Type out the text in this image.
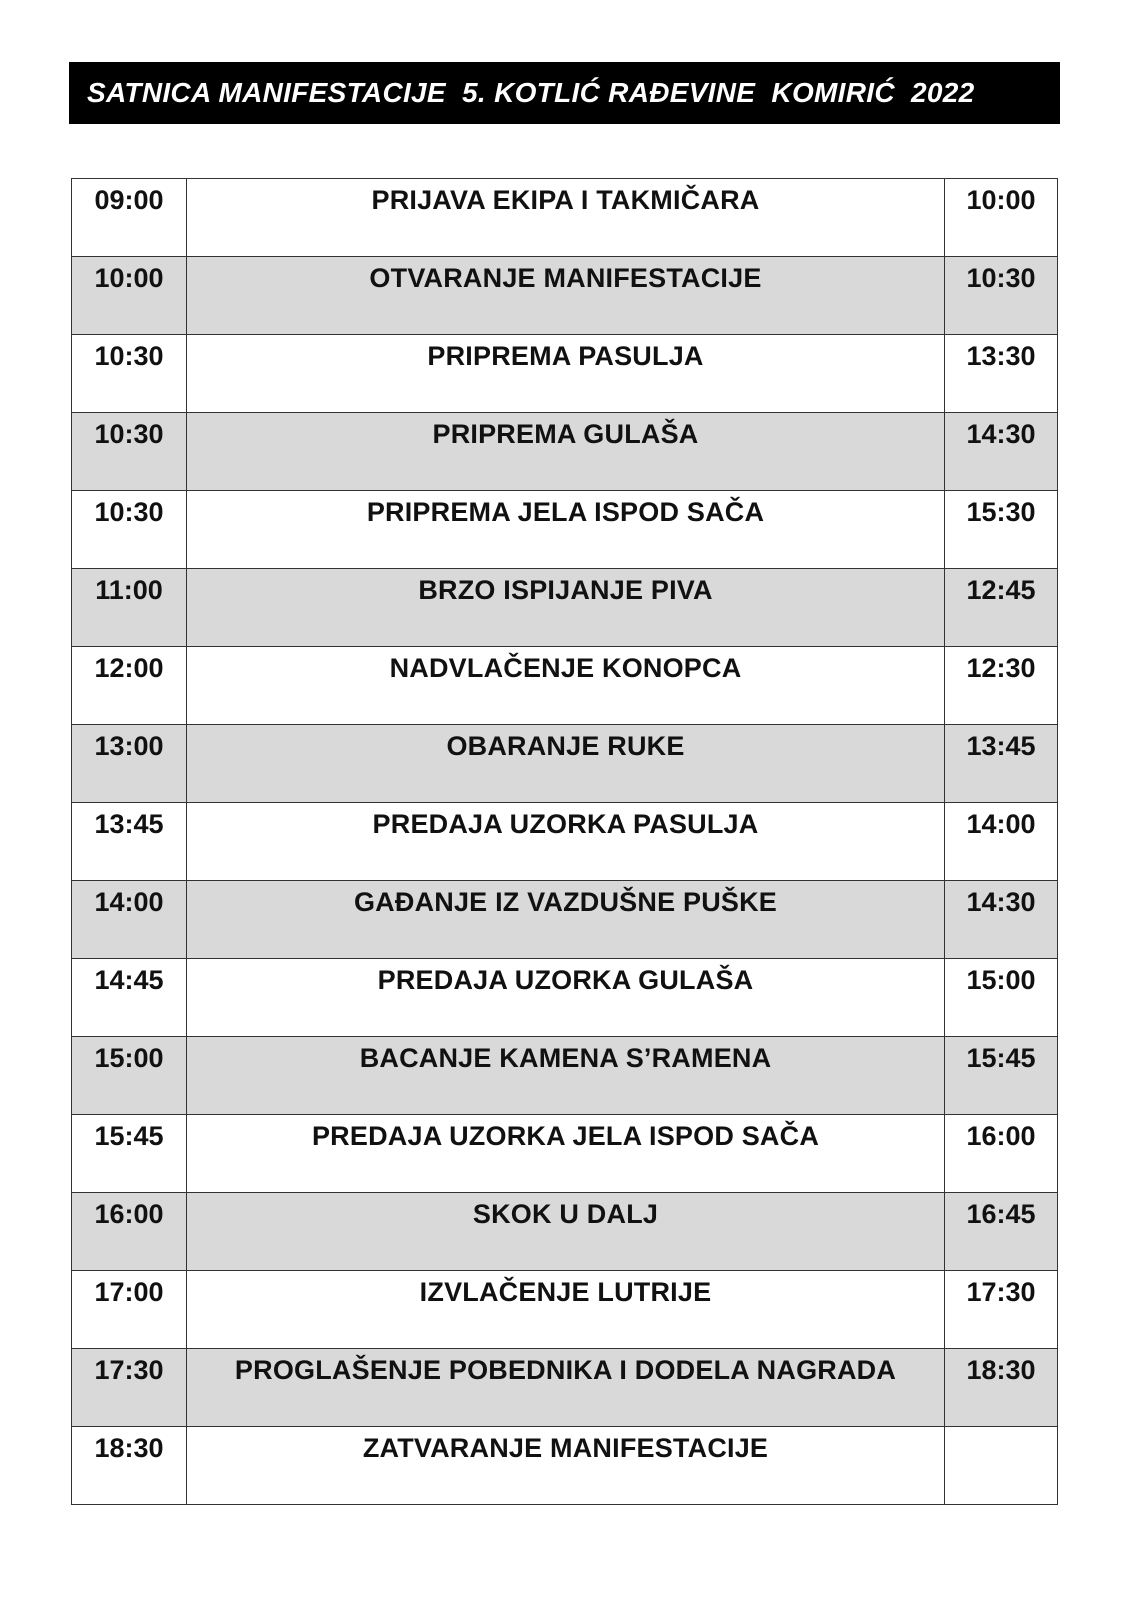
SATNICA MANIFESTACIJE  5. KOTLIĆ RAĐEVINE  KOMIRIĆ  2022
09:00	PRIJAVA EKIPA I TAKMIČARA	10:00
10:00	OTVARANJE MANIFESTACIJE	10:30
10:30	PRIPREMA PASULJA	13:30
10:30	PRIPREMA GULAŠA	14:30
10:30	PRIPREMA JELA ISPOD SAČA	15:30
11:00	BRZO ISPIJANJE PIVA	12:45
12:00	NADVLAČENJE KONOPCA	12:30
13:00	OBARANJE RUKE	13:45
13:45	PREDAJA UZORKA PASULJA	14:00
14:00	GAĐANJE IZ VAZDUŠNE PUŠKE	14:30
14:45	PREDAJA UZORKA GULAŠA	15:00
15:00	BACANJE KAMENA S’RAMENA	15:45
15:45	PREDAJA UZORKA JELA ISPOD SAČA	16:00
16:00	SKOK U DALJ	16:45
17:00	IZVLAČENJE LUTRIJE	17:30
17:30	PROGLAŠENJE POBEDNIKA I DODELA NAGRADA	18:30
18:30	ZATVARANJE MANIFESTACIJE	
